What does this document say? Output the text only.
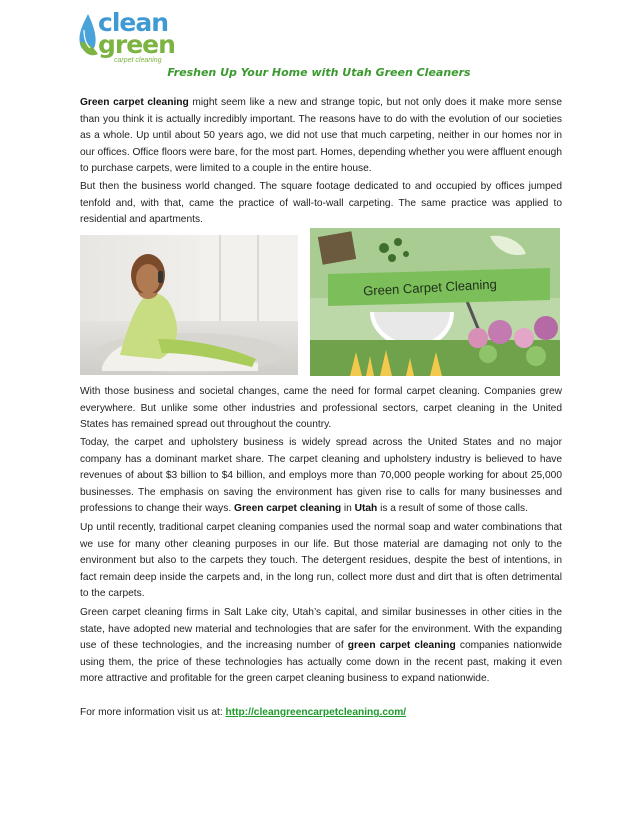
clean
green
carpet cleaning
Freshen Up Your Home with Utah Green Cleaners

Green carpet cleaning might seem like a new and strange topic, but not only does it make more sense than you think it is actually incredibly important. The reasons have to do with the evolution of our societies as a whole. Up until about 50 years ago, we did not use that much carpeting, neither in our homes nor in our offices. Office floors were bare, for the most part. Homes, depending whether you were affluent enough to purchase carpets, were limited to a couple in the entire house.

But then the business world changed. The square footage dedicated to and occupied by offices jumped tenfold and, with that, came the practice of wall-to-wall carpeting. The same practice was applied to residential and apartments.

Green Carpet Cleaning

With those business and societal changes, came the need for formal carpet cleaning. Companies grew everywhere. But unlike some other industries and professional sectors, carpet cleaning in the United States has remained spread out throughout the country.

Today, the carpet and upholstery business is widely spread across the United States and no major company has a dominant market share. The carpet cleaning and upholstery industry is believed to have revenues of about $3 billion to $4 billion, and employs more than 70,000 people working for about 25,000 businesses. The emphasis on saving the environment has given rise to calls for many businesses and professions to change their ways. Green carpet cleaning in Utah is a result of some of those calls.

Up until recently, traditional carpet cleaning companies used the normal soap and water combinations that we use for many other cleaning purposes in our life. But those material are damaging not only to the environment but also to the carpets they touch. The detergent residues, despite the best of intentions, in fact remain deep inside the carpets and, in the long run, collect more dust and dirt that is often detrimental to the carpets.

Green carpet cleaning firms in Salt Lake city, Utah’s capital, and similar businesses in other cities in the state, have adopted new material and technologies that are safer for the environment. With the expanding use of these technologies, and the increasing number of green carpet cleaning companies nationwide using them, the price of these technologies has actually come down in the recent past, making it even more attractive and profitable for the green carpet cleaning business to expand nationwide.

For more information visit us at: http://cleangreencarpetcleaning.com/
